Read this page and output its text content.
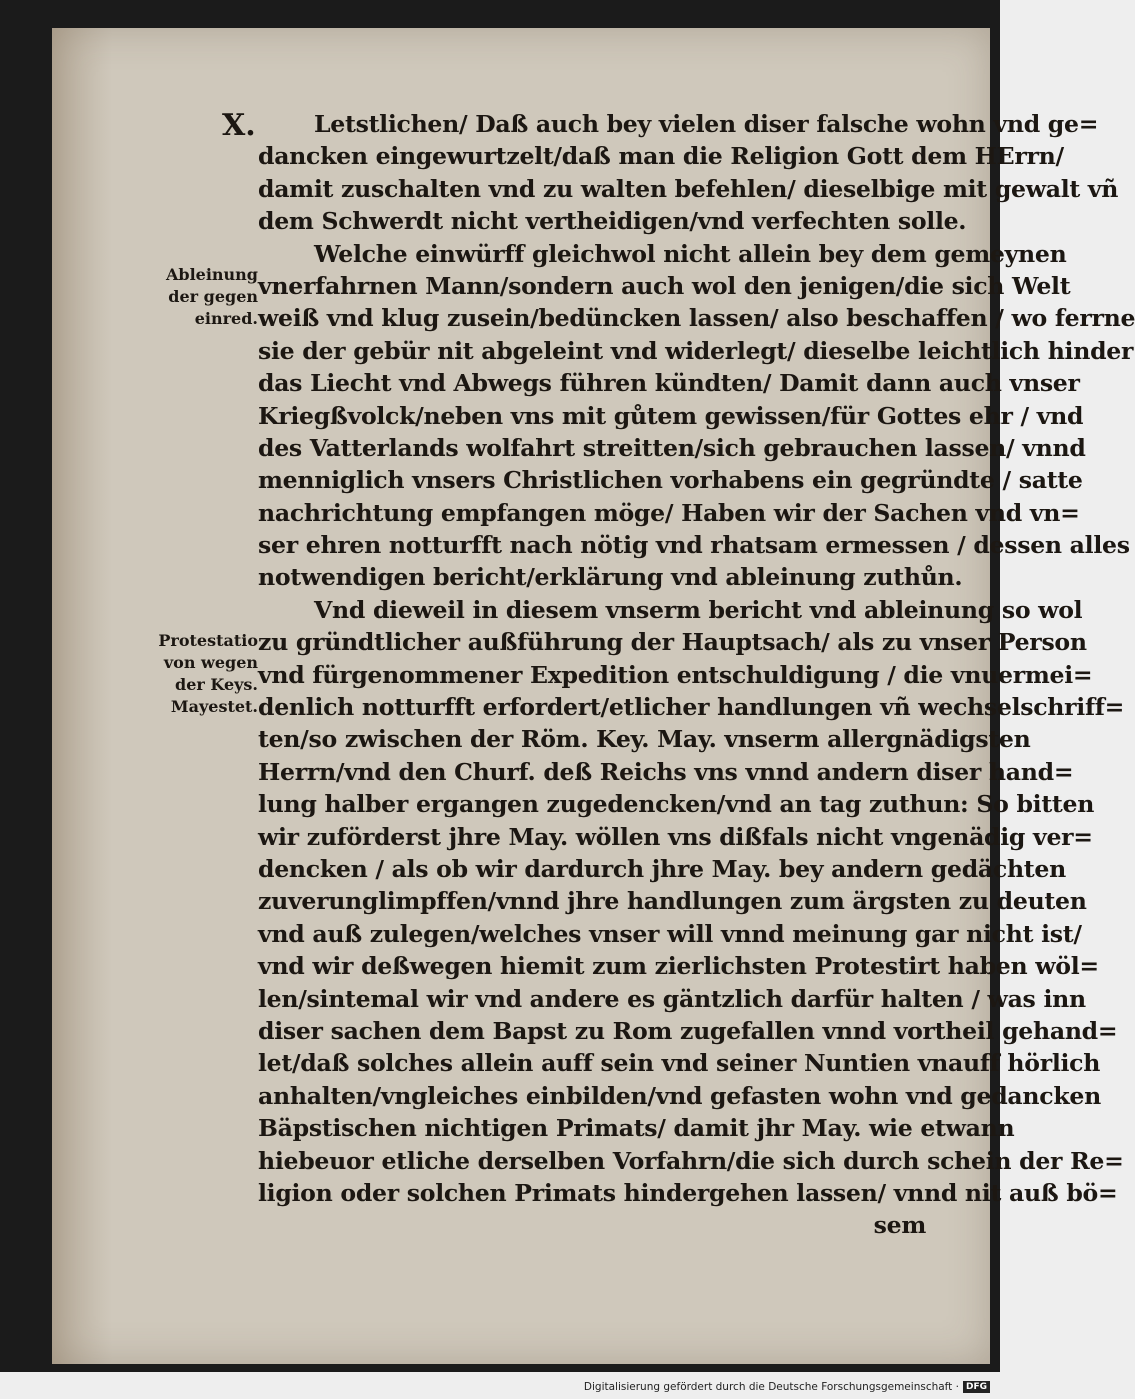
X.
Ableinung
der gegen
einred.
Protestatio
von wegen
der Keys.
Mayestet.
Letstlichen/ Daß auch bey vielen diser falsche wohn vnd ge=
dancken eingewurtzelt/daß man die Religion Gott dem HErrn/
damit zuschalten vnd zu walten befehlen/ dieselbige mit gewalt vñ
dem Schwerdt nicht vertheidigen/vnd verfechten solle.
Welche einwürff gleichwol nicht allein bey dem gemeynen
vnerfahrnen Mann/sondern auch wol den jenigen/die sich Welt
weiß vnd klug zusein/bedüncken lassen/ also beschaffen / wo ferrne
sie der gebür nit abgeleint vnd widerlegt/ dieselbe leichtlich hinder
das Liecht vnd Abwegs führen kündten/ Damit dann auch vnser
Kriegßvolck/neben vns mit gůtem gewissen/für Gottes ehr / vnd
des Vatterlands wolfahrt streitten/sich gebrauchen lassen/ vnnd
menniglich vnsers Christlichen vorhabens ein gegründte / satte
nachrichtung empfangen möge/ Haben wir der Sachen vnd vn=
ser ehren notturfft nach nötig vnd rhatsam ermessen / dessen alles
notwendigen bericht/erklärung vnd ableinung zuthůn.
Vnd dieweil in diesem vnserm bericht vnd ableinung so wol
zu gründtlicher außführung der Hauptsach/ als zu vnser Person
vnd fürgenommener Expedition entschuldigung / die vnuermei=
denlich notturfft erfordert/etlicher handlungen vñ wechselschriff=
ten/so zwischen der Röm. Key. May. vnserm allergnädigsten
Herrn/vnd den Churf. deß Reichs vns vnnd andern diser hand=
lung halber ergangen zugedencken/vnd an tag zuthun: So bitten
wir zuförderst jhre May. wöllen vns dißfals nicht vngenädig ver=
dencken / als ob wir dardurch jhre May. bey andern gedächten
zuverunglimpffen/vnnd jhre handlungen zum ärgsten zu deuten
vnd auß zulegen/welches vnser will vnnd meinung gar nicht ist/
vnd wir deßwegen hiemit zum zierlichsten Protestirt haben wöl=
len/sintemal wir vnd andere es gäntzlich darfür halten / was inn
diser sachen dem Bapst zu Rom zugefallen vnnd vortheil gehand=
let/daß solches allein auff sein vnd seiner Nuntien vnauff hörlich
anhalten/vngleiches einbilden/vnd gefasten wohn vnd gedancken
Bäpstischen nichtigen Primats/ damit jhr May. wie etwann
hiebeuor etliche derselben Vorfahrn/die sich durch schein der Re=
ligion oder solchen Primats hindergehen lassen/ vnnd nit auß bö=
sem
Digitalisierung gefördert durch die Deutsche Forschungsgemeinschaft · DFG
